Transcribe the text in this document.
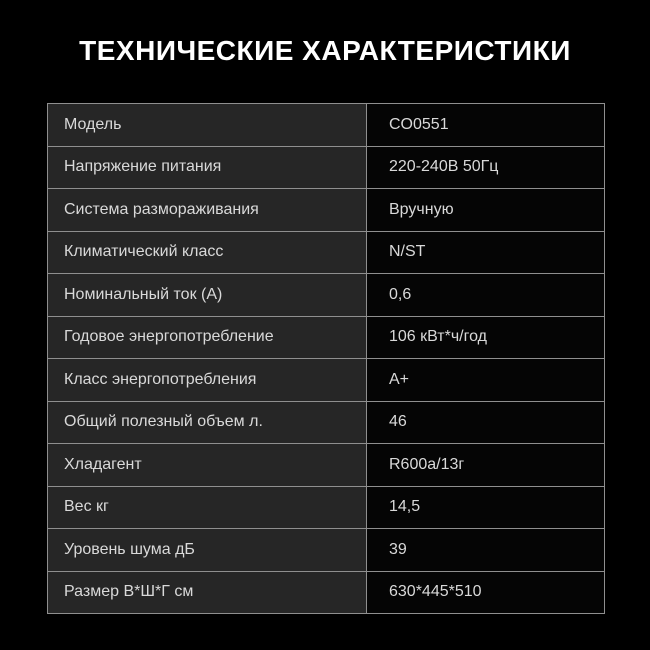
ТЕХНИЧЕСКИЕ ХАРАКТЕРИСТИКИ
Модель	CO0551
Напряжение питания	220-240В 50Гц
Система размораживания	Вручную
Климатический класс	N/ST
Номинальный ток (А)	0,6
Годовое энергопотребление	106 кВт*ч/год
Класс энергопотребления	A+
Общий полезный объем л.	46
Хладагент	R600a/13г
Вес кг	14,5
Уровень шума дБ	39
Размер В*Ш*Г см	630*445*510
